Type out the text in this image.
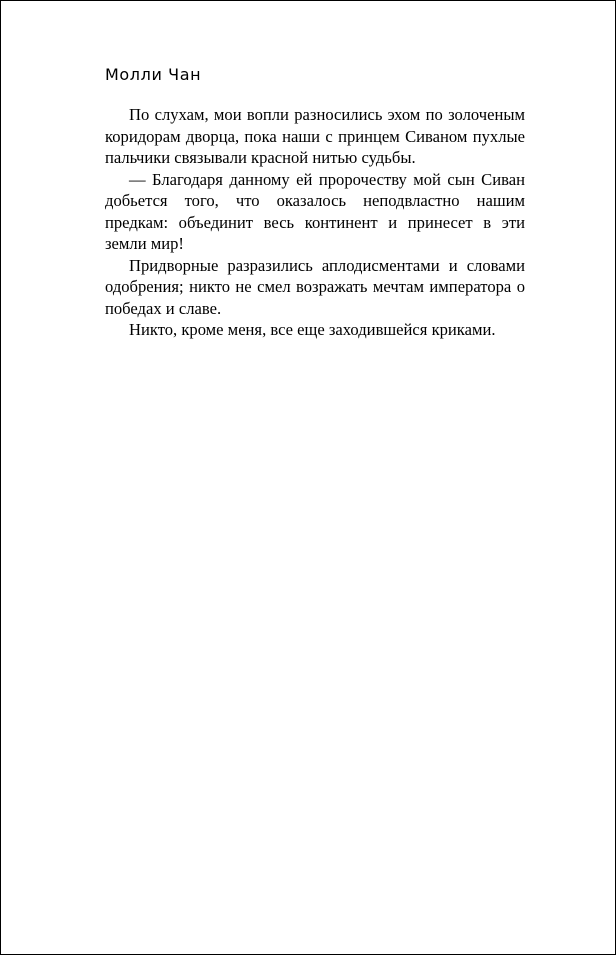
Молли Чан

По слухам, мои вопли разносились эхом по золоченым коридорам дворца, пока наши с принцем Сиваном пухлые пальчики связывали красной нитью судьбы.

— Благодаря данному ей пророчеству мой сын Сиван добьется того, что оказалось неподвластно нашим предкам: объединит весь континент и принесет в эти земли мир!

Придворные разразились аплодисментами и словами одобрения; никто не смел возражать мечтам императора о победах и славе.

Никто, кроме меня, все еще заходившейся криками.
